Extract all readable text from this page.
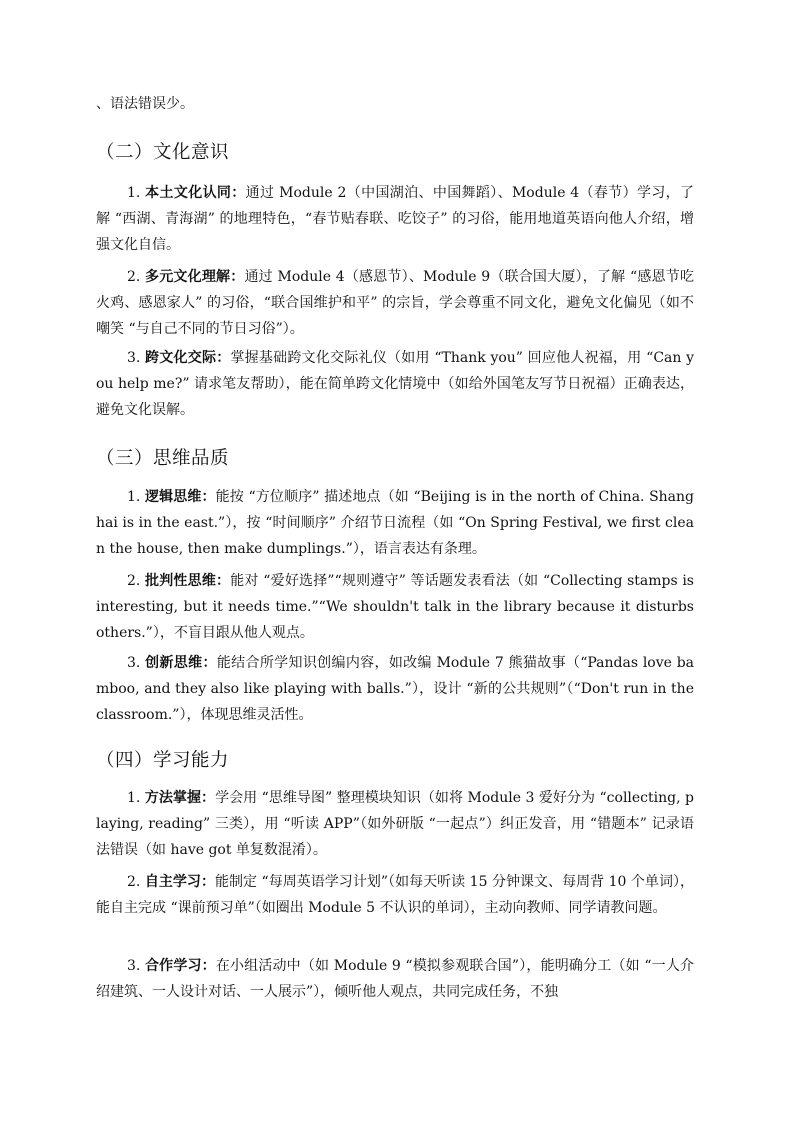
、语法错误少。
（二）文化意识

1. 本土文化认同：通过 Module 2（中国湖泊、中国舞蹈）、Module 4（春节）学习，了解 “西湖、青海湖” 的地理特色，“春节贴春联、吃饺子” 的习俗，能用地道英语向他人介绍，增强文化自信。

2. 多元文化理解：通过 Module 4（感恩节）、Module 9（联合国大厦），了解 “感恩节吃火鸡、感恩家人” 的习俗，“联合国维护和平” 的宗旨，学会尊重不同文化，避免文化偏见（如不嘲笑 “与自己不同的节日习俗”）。

3. 跨文化交际：掌握基础跨文化交际礼仪（如用 “Thank you” 回应他人祝福，用 “Can you help me?” 请求笔友帮助），能在简单跨文化情境中（如给外国笔友写节日祝福）正确表达，避免文化误解。

（三）思维品质

1. 逻辑思维：能按 “方位顺序” 描述地点（如 “Beijing is in the north of China. Shanghai is in the east.”），按 “时间顺序” 介绍节日流程（如 “On Spring Festival, we first clean the house, then make dumplings.”），语言表达有条理。

2. 批判性思维：能对 “爱好选择”“规则遵守” 等话题发表看法（如 “Collecting stamps is interesting, but it needs time.”“We shouldn't talk in the library because it disturbs others.”），不盲目跟从他人观点。

3. 创新思维：能结合所学知识创编内容，如改编 Module 7 熊猫故事（“Pandas love bamboo, and they also like playing with balls.”），设计 “新的公共规则”（“Don't run in the classroom.”），体现思维灵活性。

（四）学习能力

1. 方法掌握：学会用 “思维导图” 整理模块知识（如将 Module 3 爱好分为 “collecting, playing, reading” 三类），用 “听读 APP”（如外研版 “一起点”）纠正发音，用 “错题本” 记录语法错误（如 have got 单复数混淆）。

2. 自主学习：能制定 “每周英语学习计划”（如每天听读 15 分钟课文、每周背 10 个单词），能自主完成 “课前预习单”（如圈出 Module 5 不认识的单词），主动向教师、同学请教问题。

3. 合作学习：在小组活动中（如 Module 9 “模拟参观联合国”），能明确分工（如 “一人介绍建筑、一人设计对话、一人展示”），倾听他人观点，共同完成任务，不独
